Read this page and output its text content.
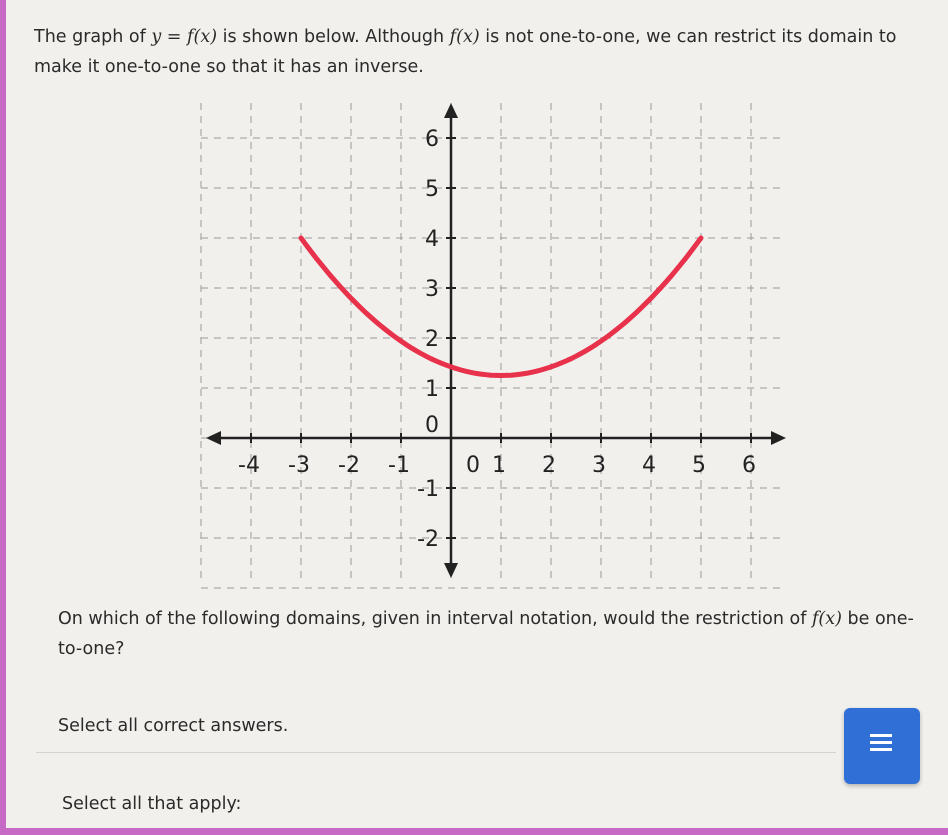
The graph of y = f(x) is shown below. Although f(x) is not one-to-one, we can restrict its domain to make it one-to-one so that it has an inverse.
-4 -3 -2 -1	0 1 2 3 4 5 6
6
5
4
3
2
1
0
-1
-2
On which of the following domains, given in interval notation, would the restriction of f(x) be one-to-one?
Select all correct answers.
Select all that apply:
